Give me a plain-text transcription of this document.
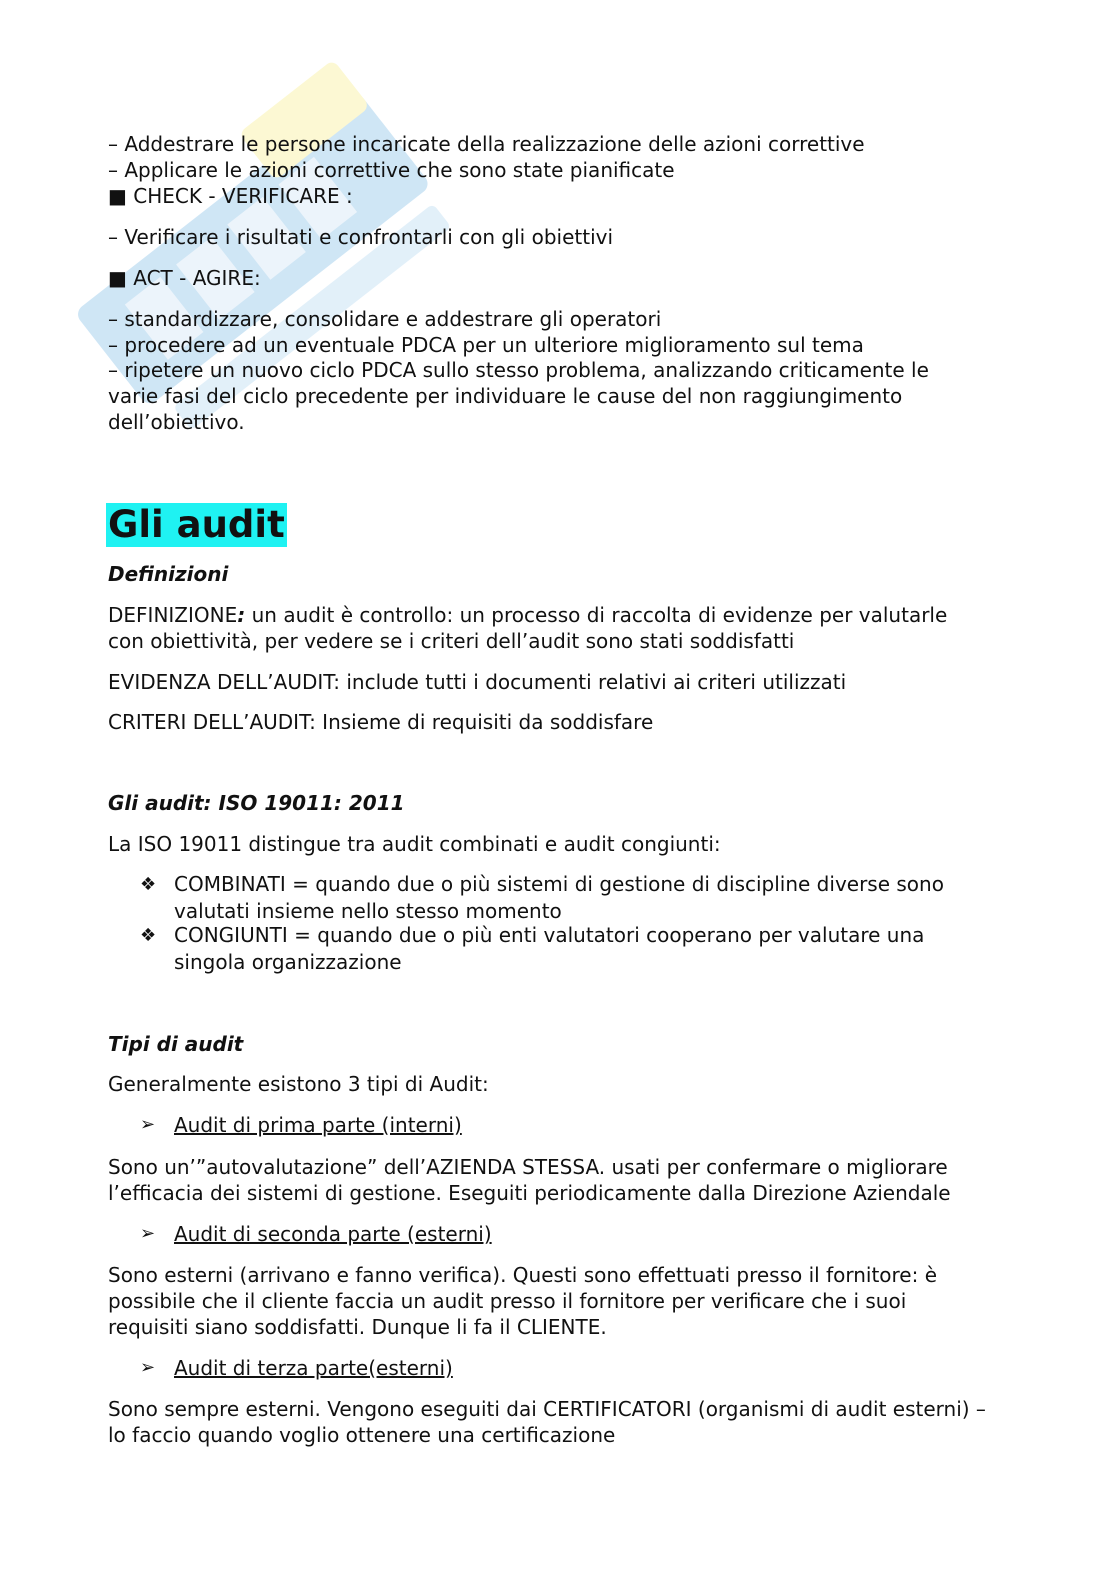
– Addestrare le persone incaricate della realizzazione delle azioni correttive
– Applicare le azioni correttive che sono state pianificate
■ CHECK - VERIFICARE :
– Verificare i risultati e confrontarli con gli obiettivi
■ ACT - AGIRE:
– standardizzare, consolidare e addestrare gli operatori
– procedere ad un eventuale PDCA per un ulteriore miglioramento sul tema
– ripetere un nuovo ciclo PDCA sullo stesso problema, analizzando criticamente le varie fasi del ciclo precedente per individuare le cause del non raggiungimento dell’obiettivo.
Gli audit
Definizioni
DEFINIZIONE: un audit è controllo: un processo di raccolta di evidenze per valutarle con obiettività, per vedere se i criteri dell’audit sono stati soddisfatti
EVIDENZA DELL’AUDIT: include tutti i documenti relativi ai criteri utilizzati
CRITERI DELL’AUDIT: Insieme di requisiti da soddisfare
Gli audit: ISO 19011: 2011
La ISO 19011 distingue tra audit combinati e audit congiunti:
❖ COMBINATI = quando due o più sistemi di gestione di discipline diverse sono valutati insieme nello stesso momento
❖ CONGIUNTI = quando due o più enti valutatori cooperano per valutare una singola organizzazione
Tipi di audit
Generalmente esistono 3 tipi di Audit:
➢ Audit di prima parte (interni)
Sono un’”autovalutazione” dell’AZIENDA STESSA. usati per confermare o migliorare l’efficacia dei sistemi di gestione. Eseguiti periodicamente dalla Direzione Aziendale
➢ Audit di seconda parte (esterni)
Sono esterni (arrivano e fanno verifica). Questi sono effettuati presso il fornitore: è possibile che il cliente faccia un audit presso il fornitore per verificare che i suoi requisiti siano soddisfatti. Dunque li fa il CLIENTE.
➢ Audit di terza parte(esterni)
Sono sempre esterni. Vengono eseguiti dai CERTIFICATORI (organismi di audit esterni) – lo faccio quando voglio ottenere una certificazione
